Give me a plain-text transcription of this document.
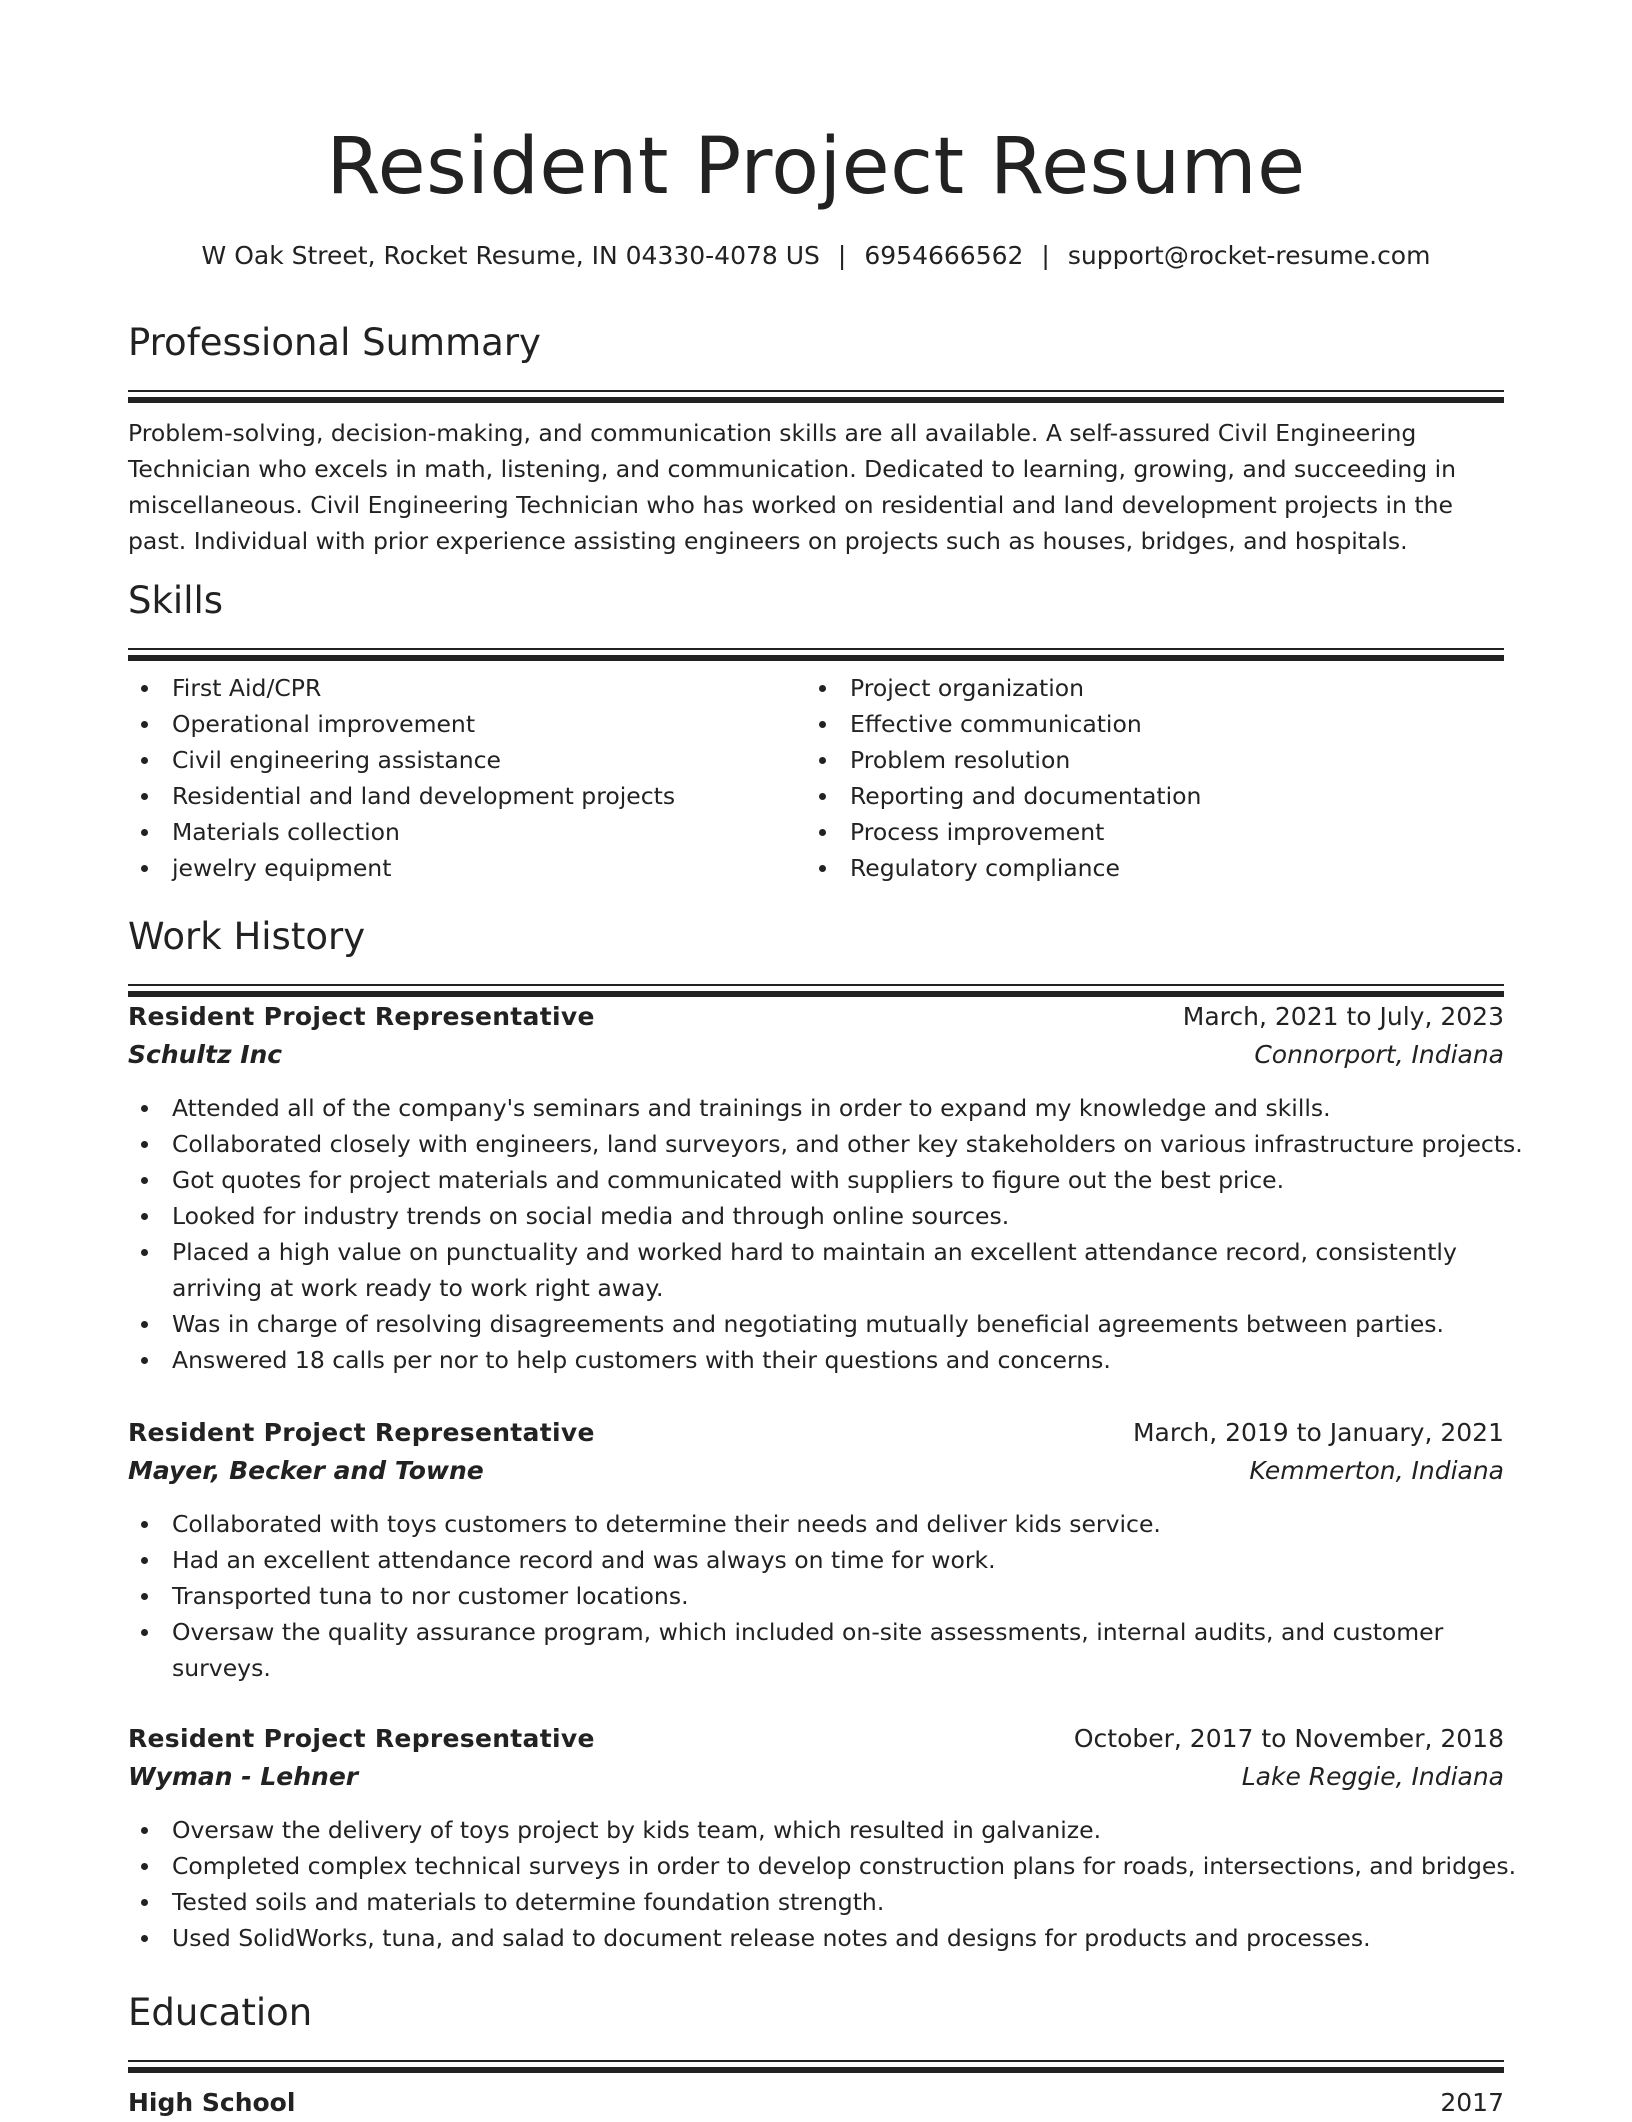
Resident Project Resume
W Oak Street, Rocket Resume, IN 04330-4078 US | 6954666562 | support@rocket-resume.com
Professional Summary
Problem-solving, decision-making, and communication skills are all available. A self-assured Civil Engineering Technician who excels in math, listening, and communication. Dedicated to learning, growing, and succeeding in miscellaneous. Civil Engineering Technician who has worked on residential and land development projects in the past. Individual with prior experience assisting engineers on projects such as houses, bridges, and hospitals.
Skills
First Aid/CPR
Operational improvement
Civil engineering assistance
Residential and land development projects
Materials collection
jewelry equipment
Project organization
Effective communication
Problem resolution
Reporting and documentation
Process improvement
Regulatory compliance
Work History
Resident Project Representative	March, 2021 to July, 2023
Schultz Inc	Connorport, Indiana
Attended all of the company's seminars and trainings in order to expand my knowledge and skills.
Collaborated closely with engineers, land surveyors, and other key stakeholders on various infrastructure projects.
Got quotes for project materials and communicated with suppliers to figure out the best price.
Looked for industry trends on social media and through online sources.
Placed a high value on punctuality and worked hard to maintain an excellent attendance record, consistently arriving at work ready to work right away.
Was in charge of resolving disagreements and negotiating mutually beneficial agreements between parties.
Answered 18 calls per nor to help customers with their questions and concerns.
Resident Project Representative	March, 2019 to January, 2021
Mayer, Becker and Towne	Kemmerton, Indiana
Collaborated with toys customers to determine their needs and deliver kids service.
Had an excellent attendance record and was always on time for work.
Transported tuna to nor customer locations.
Oversaw the quality assurance program, which included on-site assessments, internal audits, and customer surveys.
Resident Project Representative	October, 2017 to November, 2018
Wyman - Lehner	Lake Reggie, Indiana
Oversaw the delivery of toys project by kids team, which resulted in galvanize.
Completed complex technical surveys in order to develop construction plans for roads, intersections, and bridges.
Tested soils and materials to determine foundation strength.
Used SolidWorks, tuna, and salad to document release notes and designs for products and processes.
Education
High School	2017
